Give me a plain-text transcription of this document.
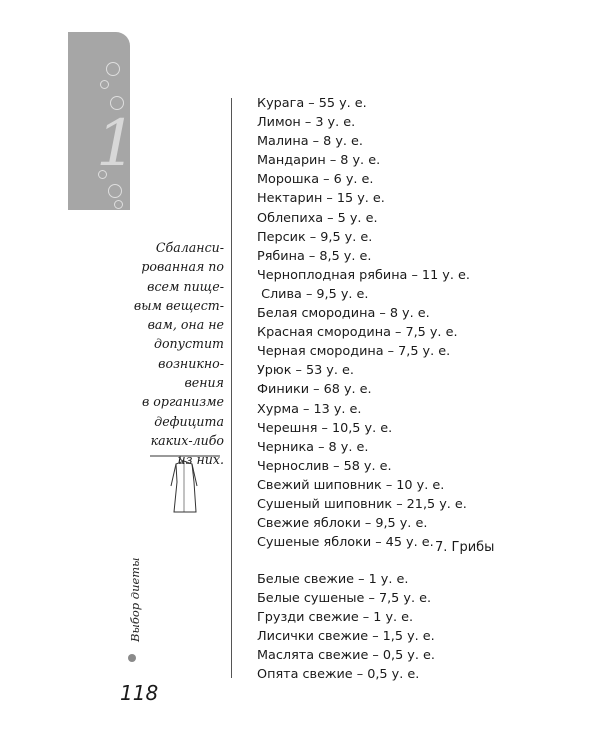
1
Сбаланси-
рованная по
всем пище-
вым вещест-
вам, она не
допустит
возникно-
вения
в организме
дефицита
каких-либо
из них.
Курага – 55 у. е.
Лимон – 3 у. е.
Малина – 8 у. е.
Мандарин – 8 у. е.
Морошка – 6 у. е.
Нектарин – 15 у. е.
Облепиха – 5 у. е.
Персик – 9,5 у. е.
Рябина – 8,5 у. е.
Черноплодная рябина – 11 у. е.
Слива – 9,5 у. е.
Белая смородина – 8 у. е.
Красная смородина – 7,5 у. е.
Черная смородина – 7,5 у. е.
Урюк – 53 у. е.
Финики – 68 у. е.
Хурма – 13 у. е.
Черешня – 10,5 у. е.
Черника – 8 у. е.
Чернослив – 58 у. е.
Свежий шиповник – 10 у. е.
Сушеный шиповник – 21,5 у. е.
Свежие яблоки – 9,5 у. е.
Сушеные яблоки – 45 у. е. 7. Грибы
Белые свежие – 1 у. е.
Белые сушеные – 7,5 у. е.
Грузди свежие – 1 у. е.
Лисички свежие – 1,5 у. е.
Маслята свежие – 0,5 у. е.
Опята свежие – 0,5 у. е.
Выбор диеты
118
